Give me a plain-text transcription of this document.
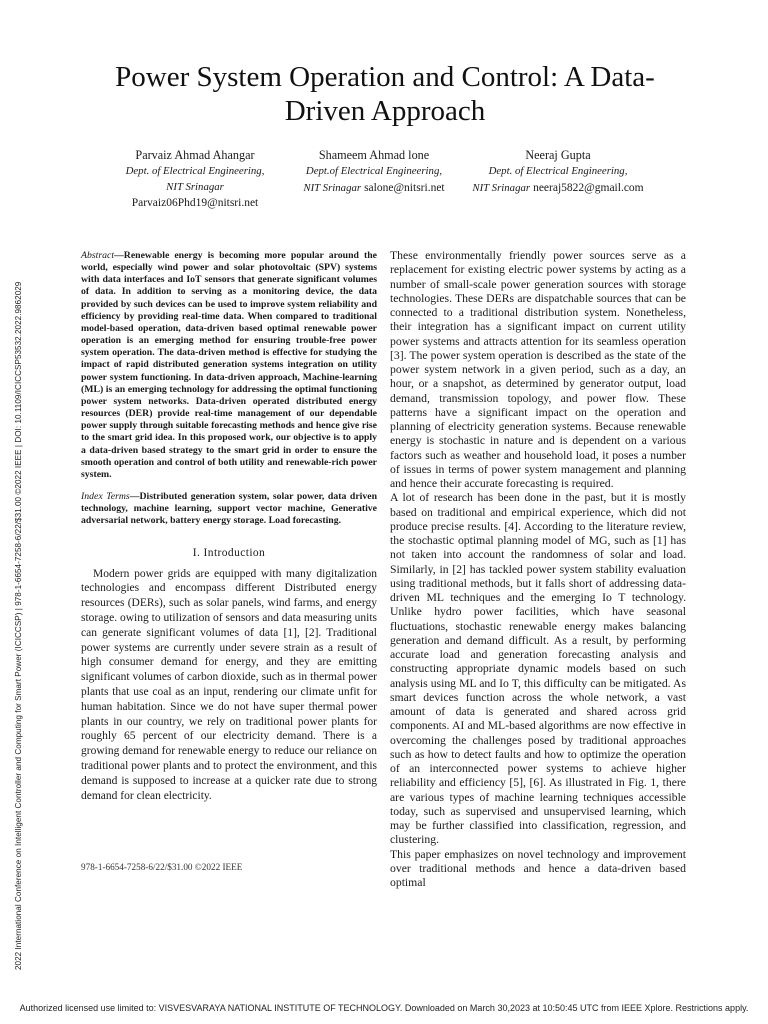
2022 International Conference on Intelligent Controller and Computing for Smart Power (ICICCSP) | 978-1-6654-7258-6/22/$31.00 ©2022 IEEE | DOI: 10.1109/ICICCSP53532.2022.9862029
Power System Operation and Control: A Data-Driven Approach
Parvaiz Ahmad Ahangar
Dept. of Electrical Engineering,
NIT Srinagar
Parvaiz06Phd19@nitsri.net
Shameem Ahmad lone
Dept.of Electrical Engineering,
NIT Srinagar salone@nitsri.net
Neeraj Gupta
Dept. of Electrical Engineering,
NIT Srinagar neeraj5822@gmail.com

Abstract—Renewable energy is becoming more popular around the world, especially wind power and solar photovoltaic (SPV) systems with data interfaces and IoT sensors that generate significant volumes of data. In addition to serving as a monitoring device, the data provided by such devices can be used to improve system reliability and efficiency by providing real-time data. When compared to traditional model-based operation, data-driven based optimal renewable power operation is an emerging method for ensuring trouble-free power system operation. The data-driven method is effective for studying the impact of rapid distributed generation systems integration on utility power system functioning. In data-driven approach, Machine-learning (ML) is an emerging technology for addressing the optimal functioning power system networks. Data-driven operated distributed energy resources (DER) provide real-time management of our dependable power supply through suitable forecasting methods and hence give rise to the smart grid idea. In this proposed work, our objective is to apply a data-driven based strategy to the smart grid in order to ensure the smooth operation and control of both utility and renewable-rich power system.

Index Terms—Distributed generation system, solar power, data driven technology, machine learning, support vector machine, Generative adversarial network, battery energy storage. Load forecasting.

I. Introduction

Modern power grids are equipped with many digitalization technologies and encompass different Distributed energy resources (DERs), such as solar panels, wind farms, and energy storage. owing to utilization of sensors and data measuring units can generate significant volumes of data [1], [2]. Traditional power systems are currently under severe strain as a result of high consumer demand for energy, and they are emitting significant volumes of carbon dioxide, such as in thermal power plants that use coal as an input, rendering our climate unfit for human habitation. Since we do not have super thermal power plants in our country, we rely on traditional power plants for roughly 65 percent of our electricity demand. There is a growing demand for renewable energy to reduce our reliance on traditional power plants and to protect the environment, and this demand is supposed to increase at a quicker rate due to strong demand for clean electricity.

These environmentally friendly power sources serve as a replacement for existing electric power systems by acting as a number of small-scale power generation sources with storage technologies. These DERs are dispatchable sources that can be connected to a traditional distribution system. Nonetheless, their integration has a significant impact on current utility power systems and attracts attention for its seamless operation [3]. The power system operation is described as the state of the power system network in a given period, such as a day, an hour, or a snapshot, as determined by generator output, load demand, transmission topology, and power flow. These patterns have a significant impact on the operation and planning of electricity generation systems. Because renewable energy is stochastic in nature and is dependent on a various factors such as weather and household load, it poses a number of issues in terms of power system management and planning and hence their accurate forecasting is required.

A lot of research has been done in the past, but it is mostly based on traditional and empirical experience, which did not produce precise results. [4]. According to the literature review, the stochastic optimal planning model of MG, such as [1] has not taken into account the randomness of solar and load. Similarly, in [2] has tackled power system stability evaluation using traditional methods, but it falls short of addressing data-driven ML techniques and the emerging Io T technology. Unlike hydro power facilities, which have seasonal fluctuations, stochastic renewable energy makes balancing generation and demand difficult. As a result, by performing accurate load and generation forecasting analysis and constructing appropriate dynamic models based on such analysis using ML and Io T, this difficulty can be mitigated. As smart devices function across the whole network, a vast amount of data is generated and shared across grid components. AI and ML-based algorithms are now effective in overcoming the challenges posed by traditional approaches such as how to detect faults and how to optimize the operation of an interconnected power systems to achieve higher reliability and efficiency [5], [6]. As illustrated in Fig. 1, there are various types of machine learning techniques accessible today, such as supervised and unsupervised learning, which may be further classified into classification, regression, and clustering.

This paper emphasizes on novel technology and improvement over traditional methods and hence a data-driven based optimal

978-1-6654-7258-6/22/$31.00 ©2022 IEEE
Authorized licensed use limited to: VISVESVARAYA NATIONAL INSTITUTE OF TECHNOLOGY. Downloaded on March 30,2023 at 10:50:45 UTC from IEEE Xplore. Restrictions apply.
